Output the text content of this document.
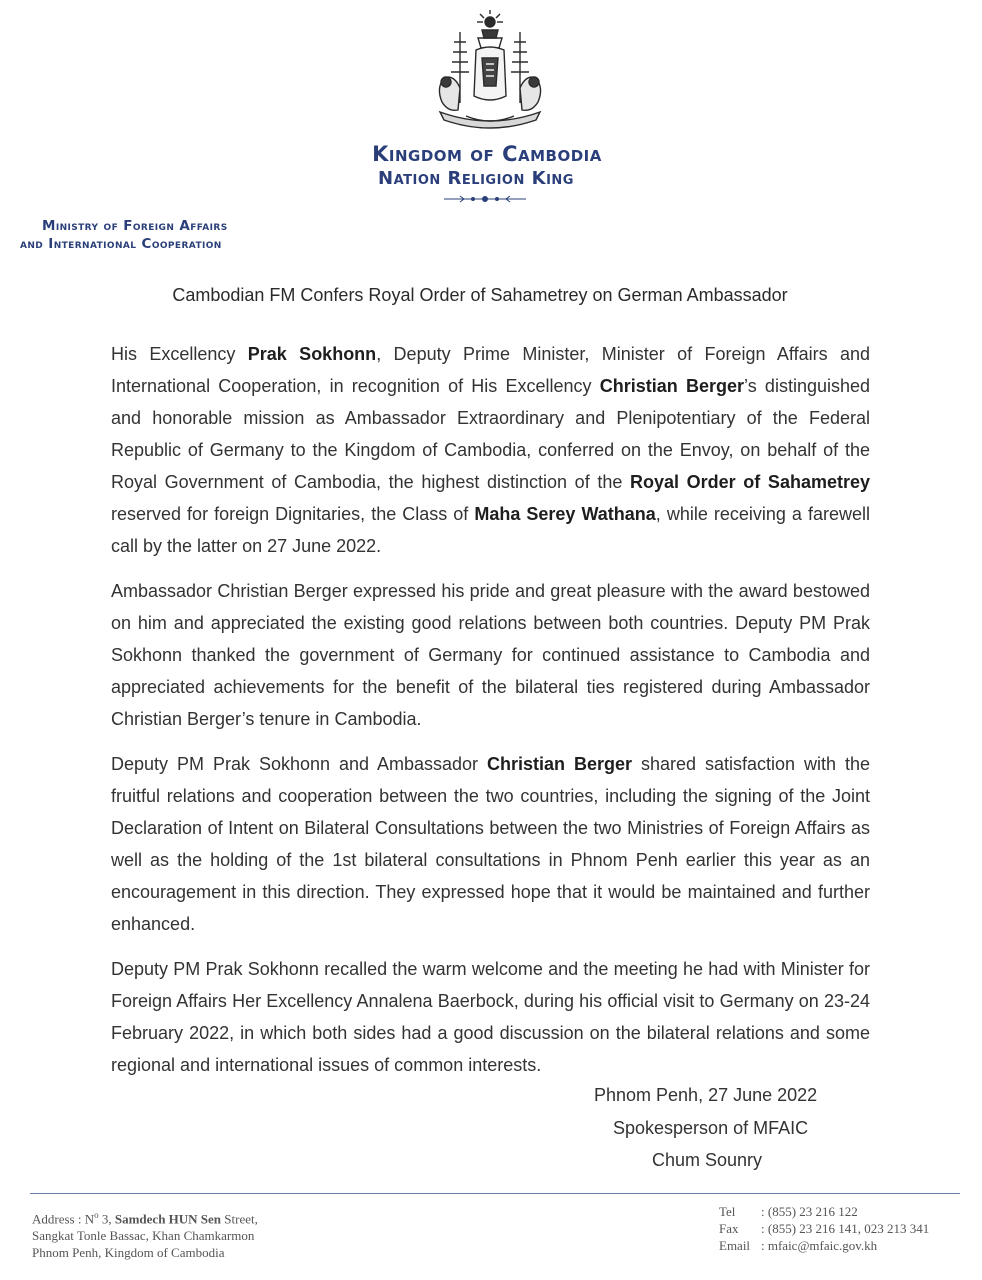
Kingdom of Cambodia
Nation Religion King
Ministry of Foreign Affairs
and International Cooperation
Cambodian FM Confers Royal Order of Sahametrey on German Ambassador

His Excellency Prak Sokhonn, Deputy Prime Minister, Minister of Foreign Affairs and International Cooperation, in recognition of His Excellency Christian Berger’s distinguished and honorable mission as Ambassador Extraordinary and Plenipotentiary of the Federal Republic of Germany to the Kingdom of Cambodia, conferred on the Envoy, on behalf of the Royal Government of Cambodia, the highest distinction of the Royal Order of Sahametrey reserved for foreign Dignitaries, the Class of Maha Serey Wathana, while receiving a farewell call by the latter on 27 June 2022.

Ambassador Christian Berger expressed his pride and great pleasure with the award bestowed on him and appreciated the existing good relations between both countries. Deputy PM Prak Sokhonn thanked the government of Germany for continued assistance to Cambodia and appreciated achievements for the benefit of the bilateral ties registered during Ambassador Christian Berger’s tenure in Cambodia.

Deputy PM Prak Sokhonn and Ambassador Christian Berger shared satisfaction with the fruitful relations and cooperation between the two countries, including the signing of the Joint Declaration of Intent on Bilateral Consultations between the two Ministries of Foreign Affairs as well as the holding of the 1st bilateral consultations in Phnom Penh earlier this year as an encouragement in this direction. They expressed hope that it would be maintained and further enhanced.

Deputy PM Prak Sokhonn recalled the warm welcome and the meeting he had with Minister for Foreign Affairs Her Excellency Annalena Baerbock, during his official visit to Germany on 23-24 February 2022, in which both sides had a good discussion on the bilateral relations and some regional and international issues of common interests.

Phnom Penh, 27 June 2022
Spokesperson of MFAIC
Chum Sounry
Address : $N^o$ 3, Samdech HUN Sen Street,
Sangkat Tonle Bassac, Khan Chamkarmon
Phnom Penh, Kingdom of Cambodia
Tel : (855) 23 216 122
Fax : (855) 23 216 141, 023 213 341
Email : mfaic@mfaic.gov.kh
